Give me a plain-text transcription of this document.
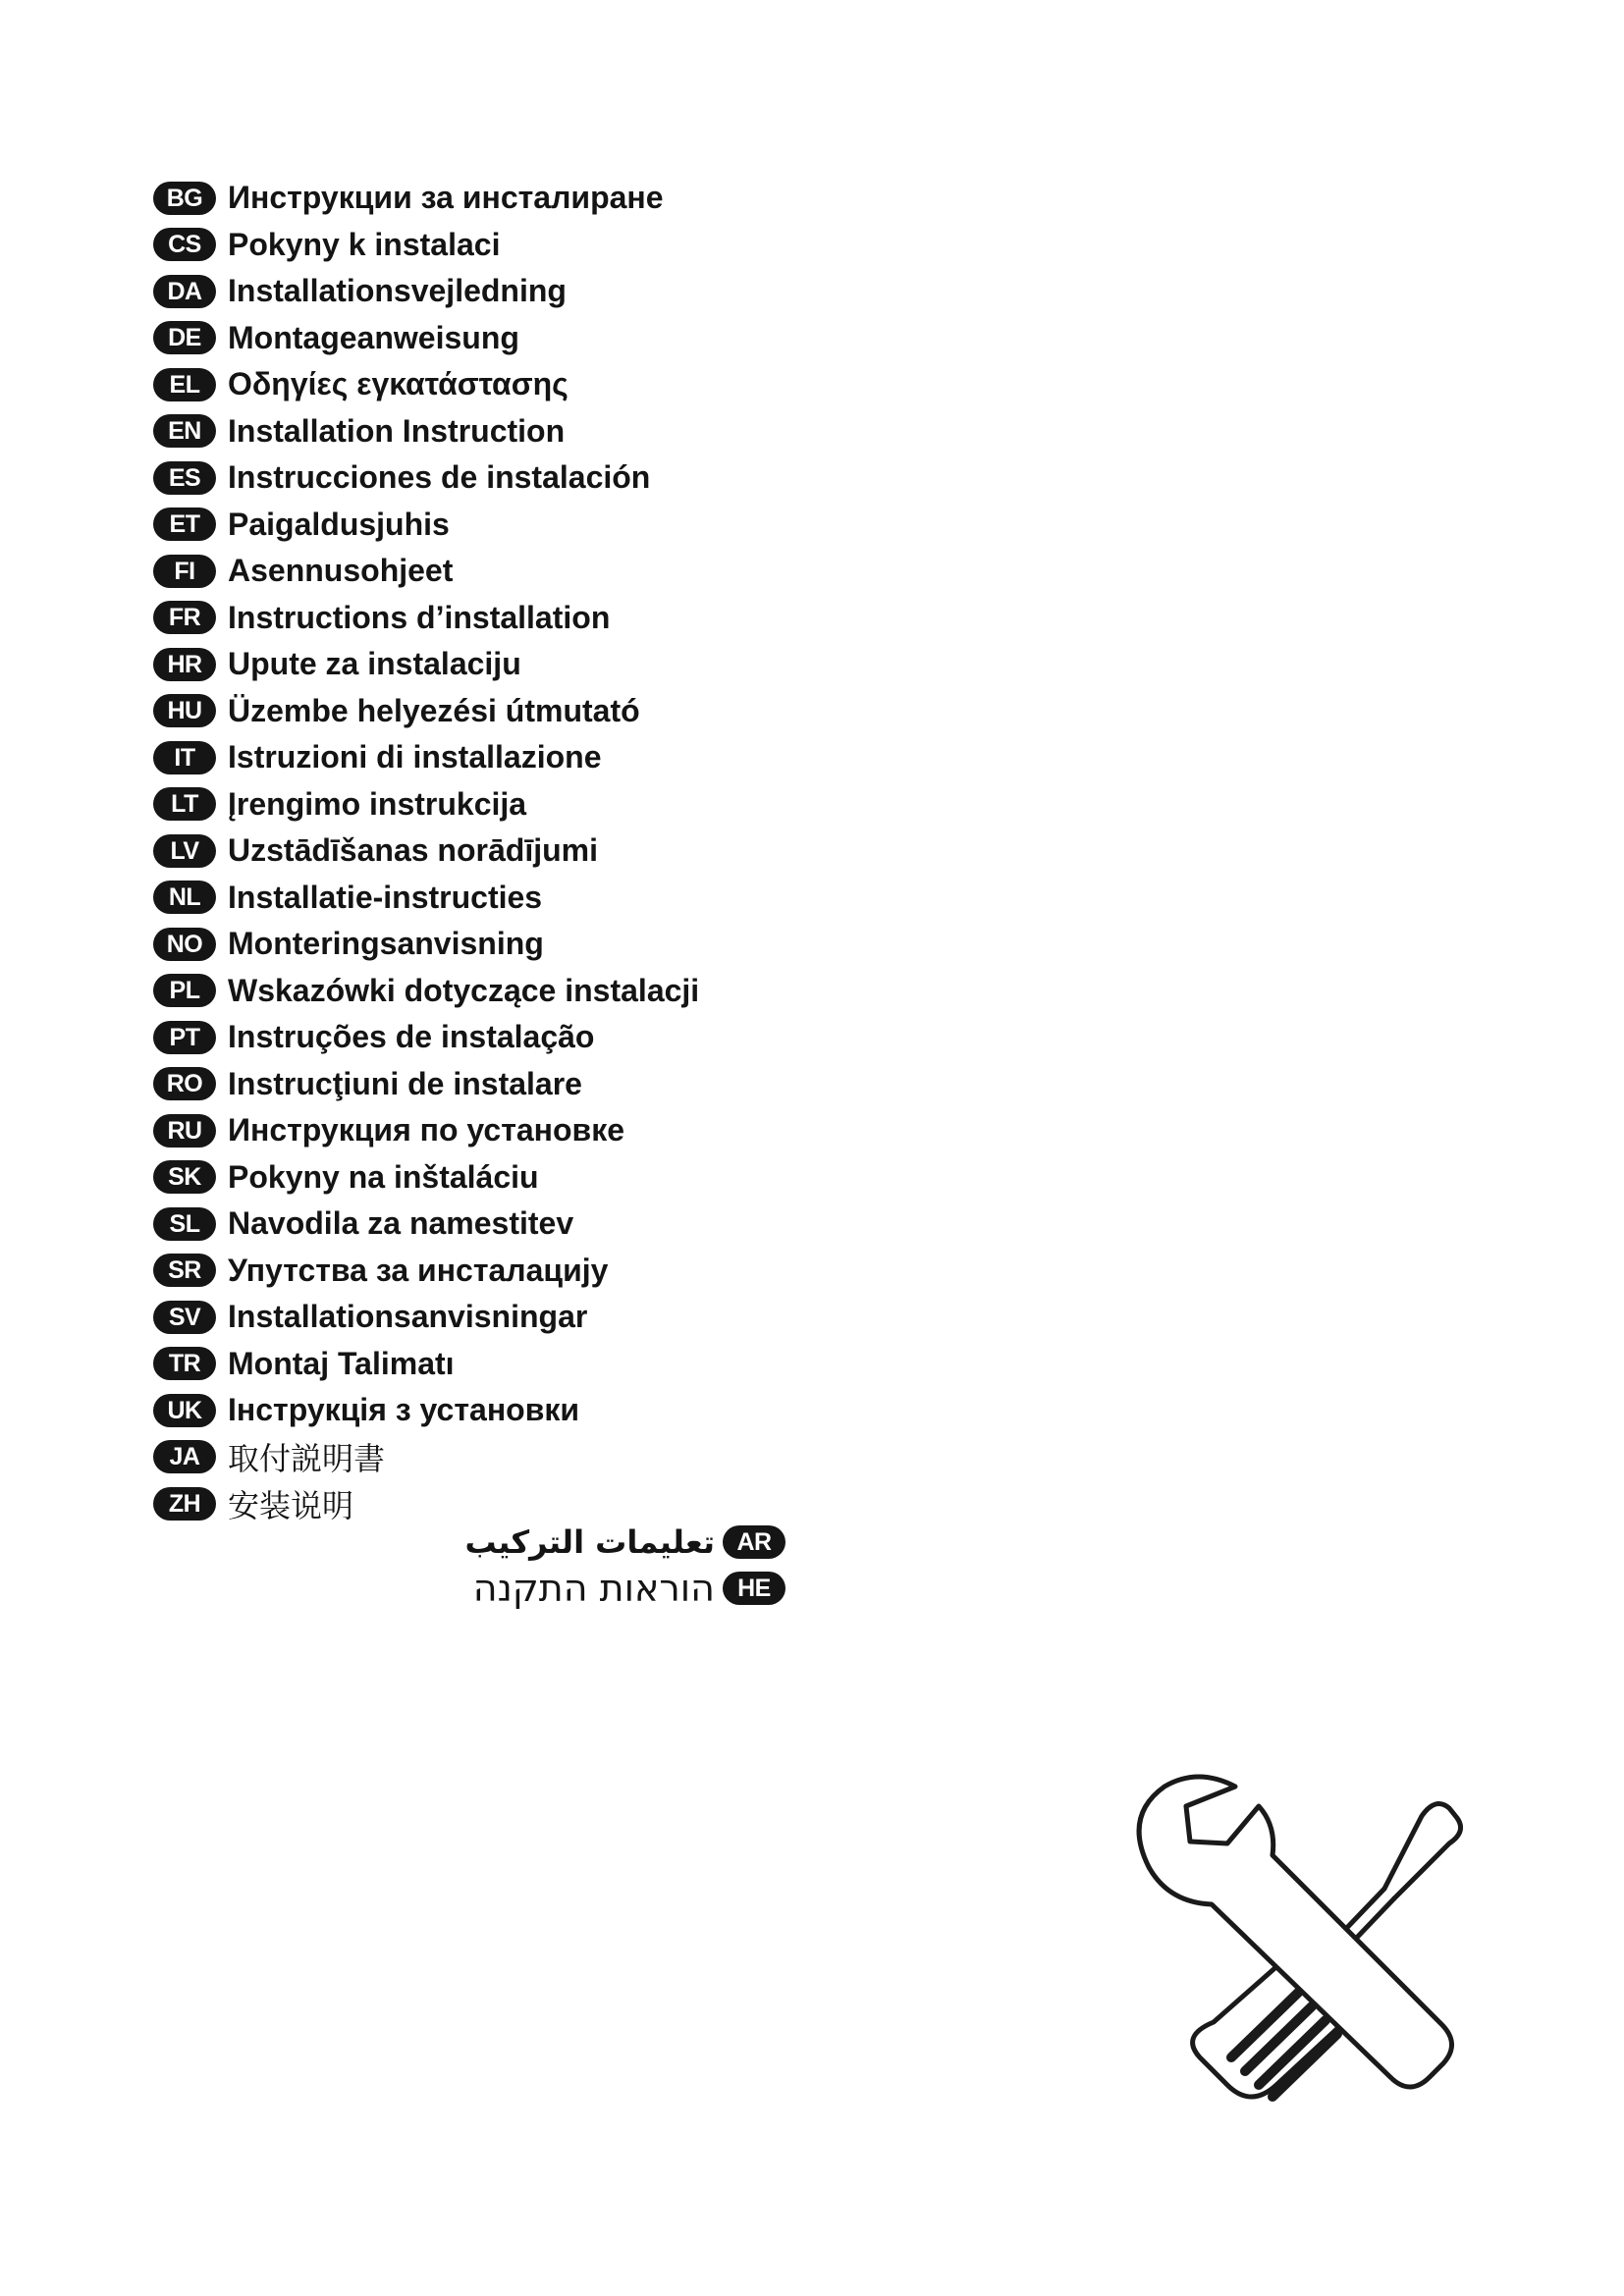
BG Инструкции за инсталиране
CS Pokyny k instalaci
DA Installationsvejledning
DE Montageanweisung
EL Οδηγίες εγκατάστασης
EN Installation Instruction
ES Instrucciones de instalación
ET Paigaldusjuhis
FI	Asennusohjeet
FR Instructions d’installation
HR Upute za instalaciju
HU Üzembe helyezési útmutató
IT	Istruzioni di installazione
LT Įrengimo instrukcija
LV Uzstādīšanas norādījumi
NL Installatie-instructies
NO Monteringsanvisning
PL Wskazówki dotyczące instalacji
PT Instruções de instalação
RO Instrucţiuni de instalare
RU Инструкция по установке
SK Pokyny na inštaláciu
SL Navodila za namestitev
SR Упутства за инсталацију
SV Installationsanvisningar
TR Montaj Talimatı
UK Інструкція з установки
JA 取付説明書
ZH 安装说明
AR
تعليمات التركيب
HE
הוראות התקנה
